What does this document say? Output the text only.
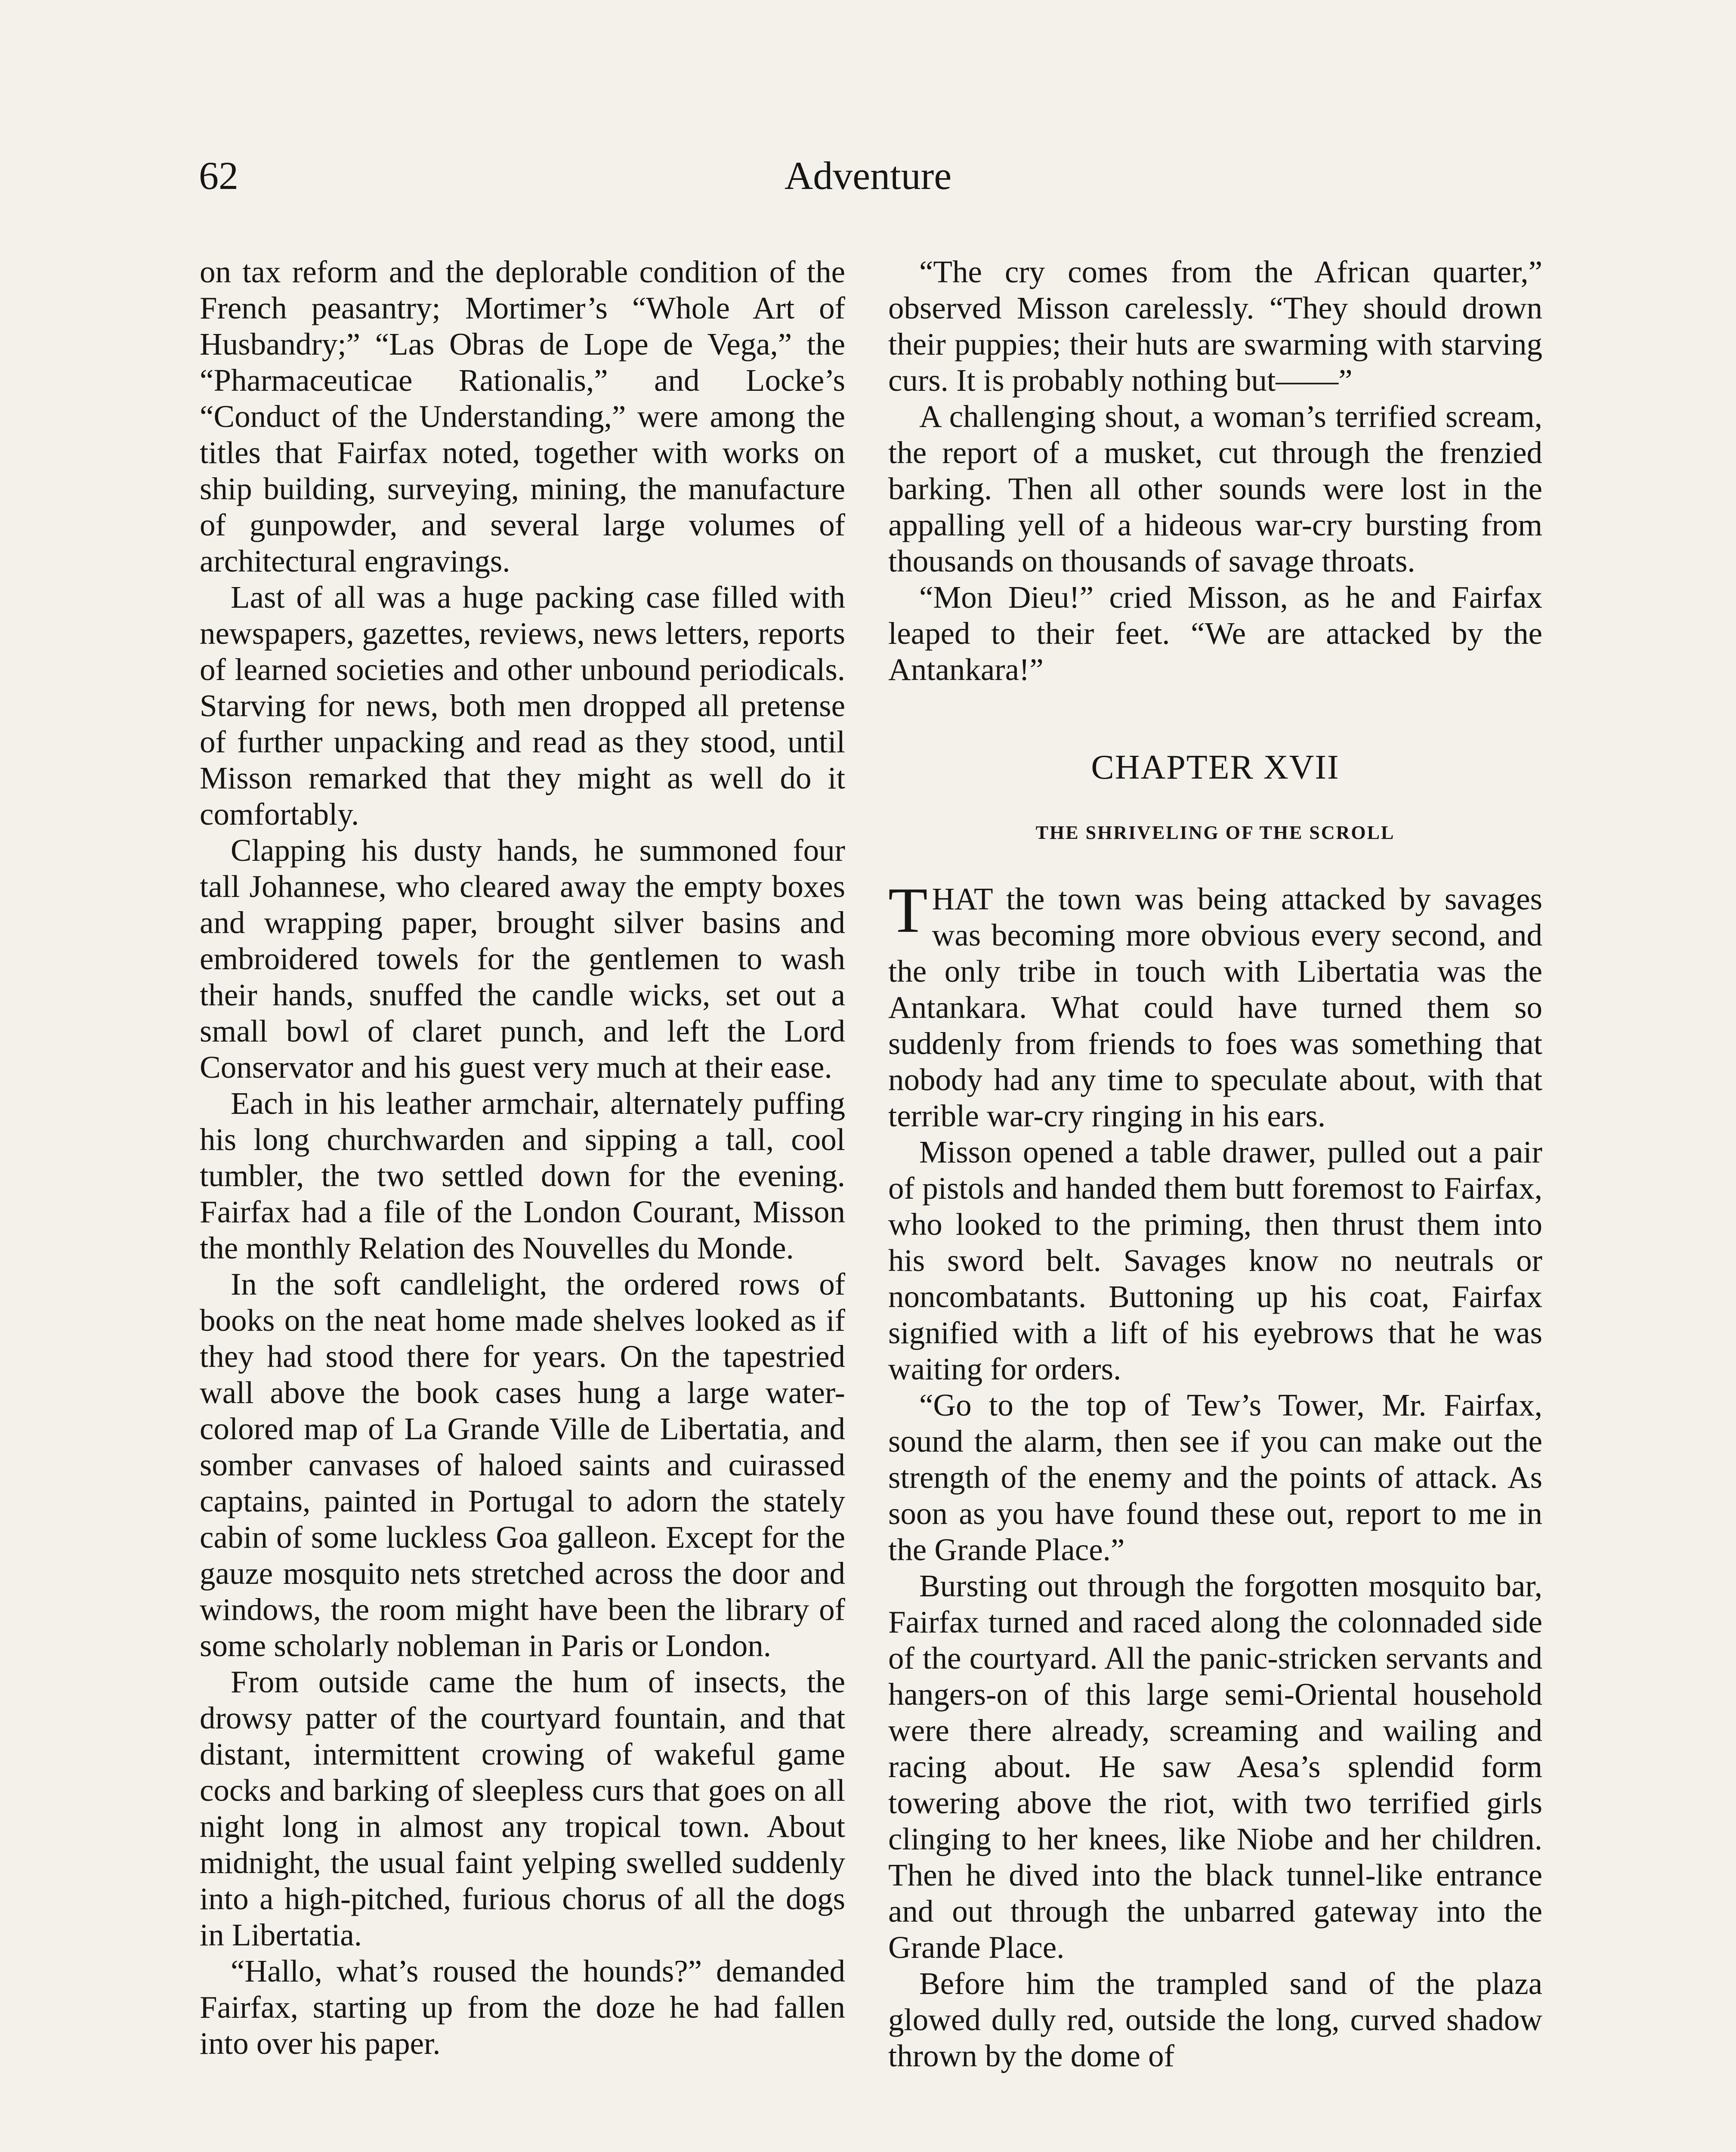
62	Adventure

on tax reform and the deplorable condition of the French peasantry; Mortimer’s “Whole Art of Husbandry;” “Las Obras de Lope de Vega,” the “Pharmaceuticae Rationalis,” and Locke’s “Conduct of the Understanding,” were among the titles that Fairfax noted, together with works on ship building, surveying, mining, the manufacture of gunpowder, and several large volumes of architectural engravings.

Last of all was a huge packing case filled with newspapers, gazettes, reviews, news letters, reports of learned societies and other unbound periodicals. Starving for news, both men dropped all pretense of further unpacking and read as they stood, until Misson remarked that they might as well do it comfortably.

Clapping his dusty hands, he summoned four tall Johannese, who cleared away the empty boxes and wrapping paper, brought silver basins and embroidered towels for the gentlemen to wash their hands, snuffed the candle wicks, set out a small bowl of claret punch, and left the Lord Conservator and his guest very much at their ease.

Each in his leather armchair, alternately puffing his long churchwarden and sipping a tall, cool tumbler, the two settled down for the evening. Fairfax had a file of the London Courant, Misson the monthly Relation des Nouvelles du Monde.

In the soft candlelight, the ordered rows of books on the neat home made shelves looked as if they had stood there for years. On the tapestried wall above the book cases hung a large water-colored map of La Grande Ville de Libertatia, and somber canvases of haloed saints and cuirassed captains, painted in Portugal to adorn the stately cabin of some luckless Goa galleon. Except for the gauze mosquito nets stretched across the door and windows, the room might have been the library of some scholarly nobleman in Paris or London.

From outside came the hum of insects, the drowsy patter of the courtyard fountain, and that distant, intermittent crowing of wakeful game cocks and barking of sleepless curs that goes on all night long in almost any tropical town. About midnight, the usual faint yelping swelled suddenly into a high-pitched, furious chorus of all the dogs in Libertatia.

“Hallo, what’s roused the hounds?” demanded Fairfax, starting up from the doze he had fallen into over his paper.

“The cry comes from the African quarter,” observed Misson carelessly. “They should drown their puppies; their huts are swarming with starving curs. It is probably nothing but——”

A challenging shout, a woman’s terrified scream, the report of a musket, cut through the frenzied barking. Then all other sounds were lost in the appalling yell of a hideous war-cry bursting from thousands on thousands of savage throats.

“Mon Dieu!” cried Misson, as he and Fairfax leaped to their feet. “We are attacked by the Antankara!”

CHAPTER XVII
THE SHRIVELING OF THE SCROLL

THAT the town was being attacked by savages was becoming more obvious every second, and the only tribe in touch with Libertatia was the Antankara. What could have turned them so suddenly from friends to foes was something that nobody had any time to speculate about, with that terrible war-cry ringing in his ears.

Misson opened a table drawer, pulled out a pair of pistols and handed them butt foremost to Fairfax, who looked to the priming, then thrust them into his sword belt. Savages know no neutrals or noncombatants. Buttoning up his coat, Fairfax signified with a lift of his eyebrows that he was waiting for orders.

“Go to the top of Tew’s Tower, Mr. Fairfax, sound the alarm, then see if you can make out the strength of the enemy and the points of attack. As soon as you have found these out, report to me in the Grande Place.”

Bursting out through the forgotten mosquito bar, Fairfax turned and raced along the colonnaded side of the courtyard. All the panic-stricken servants and hangers-on of this large semi-Oriental household were there already, screaming and wailing and racing about. He saw Aesa’s splendid form towering above the riot, with two terrified girls clinging to her knees, like Niobe and her children. Then he dived into the black tunnel-like entrance and out through the unbarred gateway into the Grande Place.

Before him the trampled sand of the plaza glowed dully red, outside the long, curved shadow thrown by the dome of
